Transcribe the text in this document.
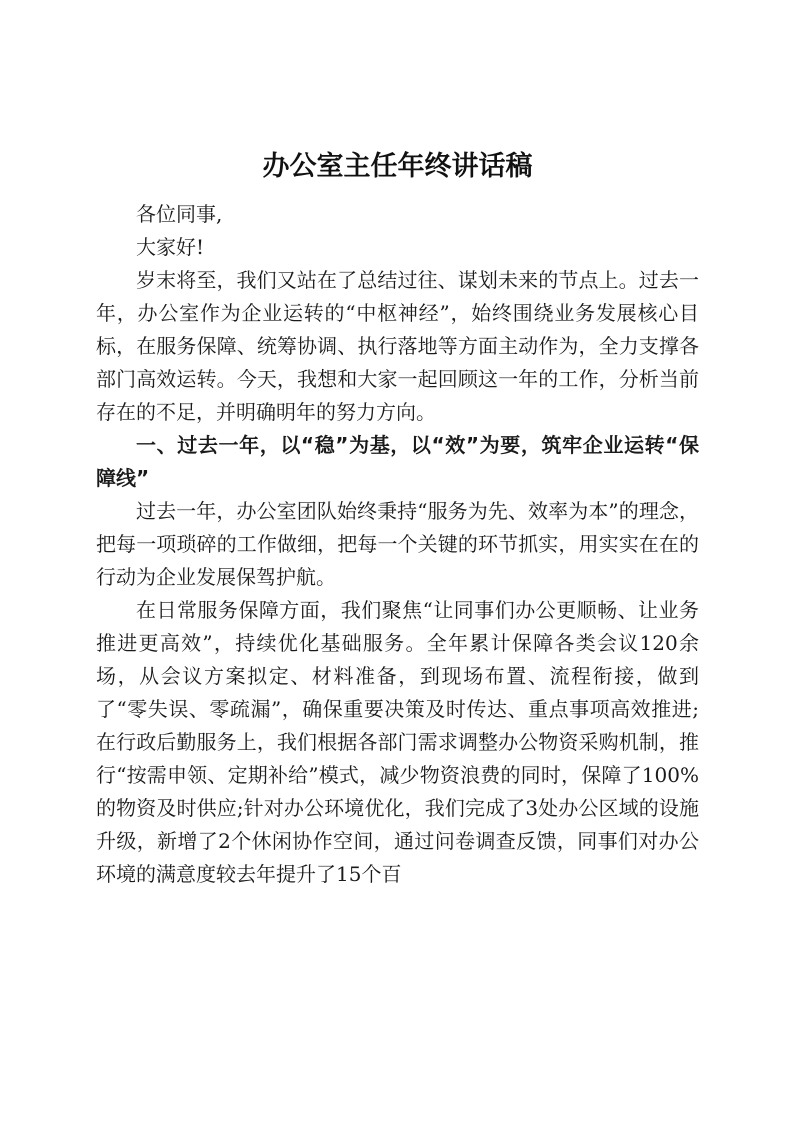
办公室主任年终讲话稿

各位同事,

大家好!

岁末将至，我们又站在了总结过往、谋划未来的节点上。过去一年，办公室作为企业运转的“中枢神经”，始终围绕业务发展核心目标，在服务保障、统筹协调、执行落地等方面主动作为，全力支撑各部门高效运转。今天，我想和大家一起回顾这一年的工作，分析当前存在的不足，并明确明年的努力方向。

一、过去一年，以“稳”为基，以“效”为要，筑牢企业运转“保障线”

过去一年，办公室团队始终秉持“服务为先、效率为本”的理念，把每一项琐碎的工作做细，把每一个关键的环节抓实，用实实在在的行动为企业发展保驾护航。

在日常服务保障方面，我们聚焦“让同事们办公更顺畅、让业务推进更高效”，持续优化基础服务。全年累计保障各类会议120余场，从会议方案拟定、材料准备，到现场布置、流程衔接，做到了“零失误、零疏漏”，确保重要决策及时传达、重点事项高效推进;在行政后勤服务上，我们根据各部门需求调整办公物资采购机制，推行“按需申领、定期补给”模式，减少物资浪费的同时，保障了100%的物资及时供应;针对办公环境优化，我们完成了3处办公区域的设施升级，新增了2个休闲协作空间，通过问卷调查反馈，同事们对办公环境的满意度较去年提升了15个百
